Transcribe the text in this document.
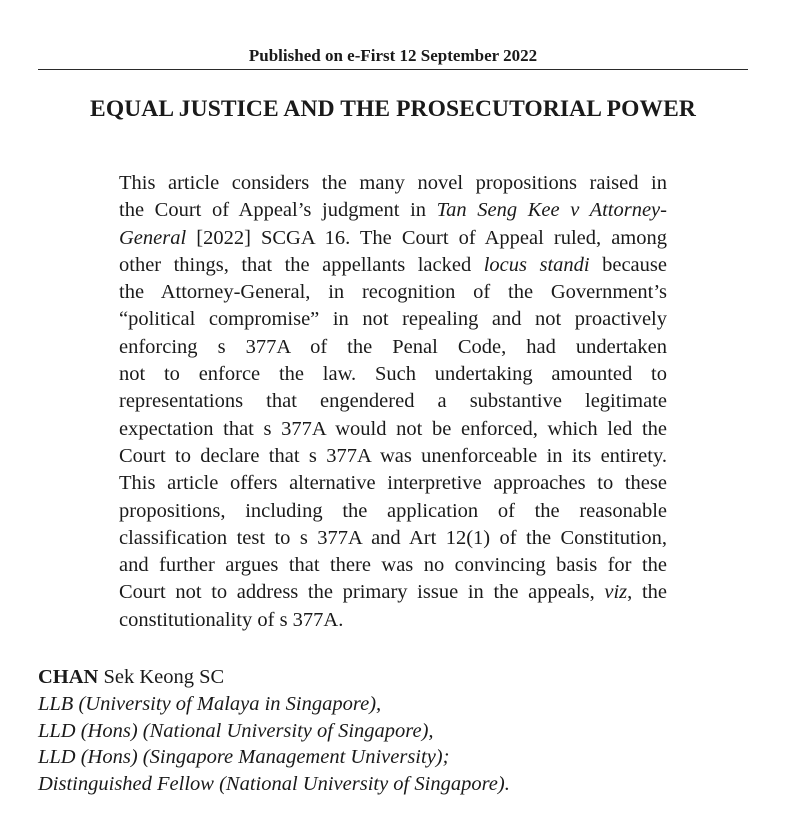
Published on e-First 12 September 2022
EQUAL JUSTICE AND THE PROSECUTORIAL POWER
This article considers the many novel propositions raised in
the Court of Appeal’s judgment in Tan Seng Kee v Attorney-
General [2022] SCGA 16. The Court of Appeal ruled, among
other things, that the appellants lacked locus standi because
the Attorney-General, in recognition of the Government’s
“political compromise” in not repealing and not proactively
enforcing s 377A of the Penal Code, had undertaken
not to enforce the law. Such undertaking amounted to
representations that engendered a substantive legitimate
expectation that s 377A would not be enforced, which led the
Court to declare that s 377A was unenforceable in its entirety.
This article offers alternative interpretive approaches to these
propositions, including the application of the reasonable
classification test to s 377A and Art 12(1) of the Constitution,
and further argues that there was no convincing basis for the
Court not to address the primary issue in the appeals, viz, the
constitutionality of s 377A.
CHAN Sek Keong SC
LLB (University of Malaya in Singapore),
LLD (Hons) (National University of Singapore),
LLD (Hons) (Singapore Management University);
Distinguished Fellow (National University of Singapore).
